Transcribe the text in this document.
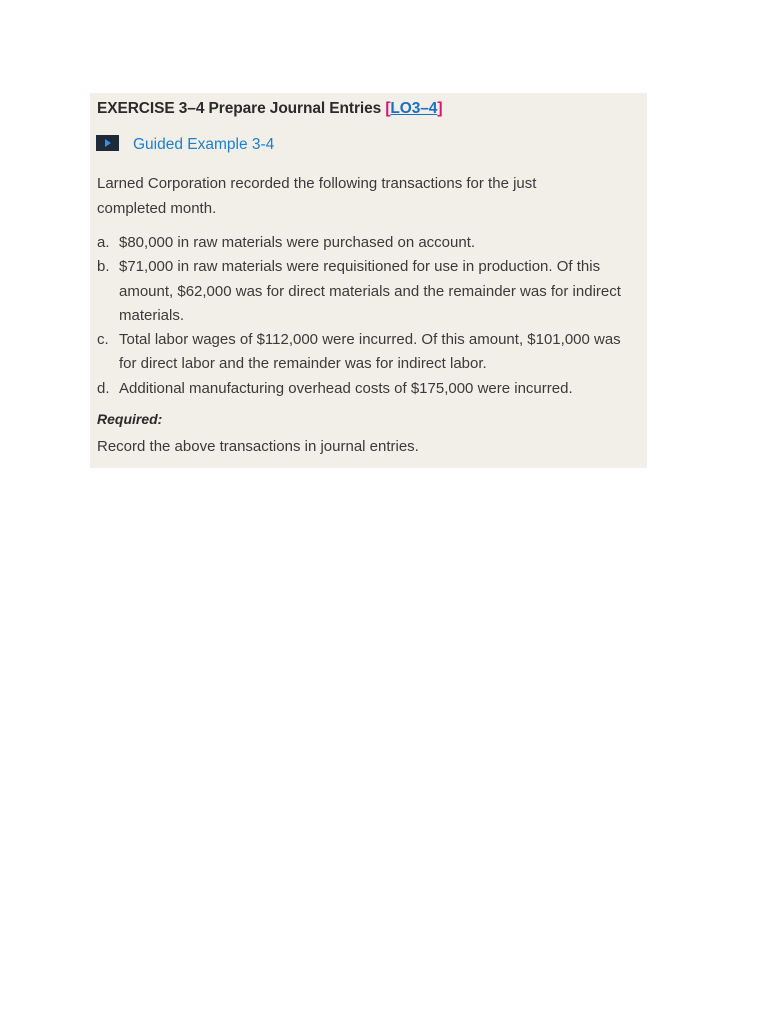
EXERCISE 3–4 Prepare Journal Entries [LO3–4]
Guided Example 3-4
Larned Corporation recorded the following transactions for the just completed month.
a. $80,000 in raw materials were purchased on account.
b. $71,000 in raw materials were requisitioned for use in production. Of this amount, $62,000 was for direct materials and the remainder was for indirect materials.
c. Total labor wages of $112,000 were incurred. Of this amount, $101,000 was for direct labor and the remainder was for indirect labor.
d. Additional manufacturing overhead costs of $175,000 were incurred.
Required:
Record the above transactions in journal entries.
